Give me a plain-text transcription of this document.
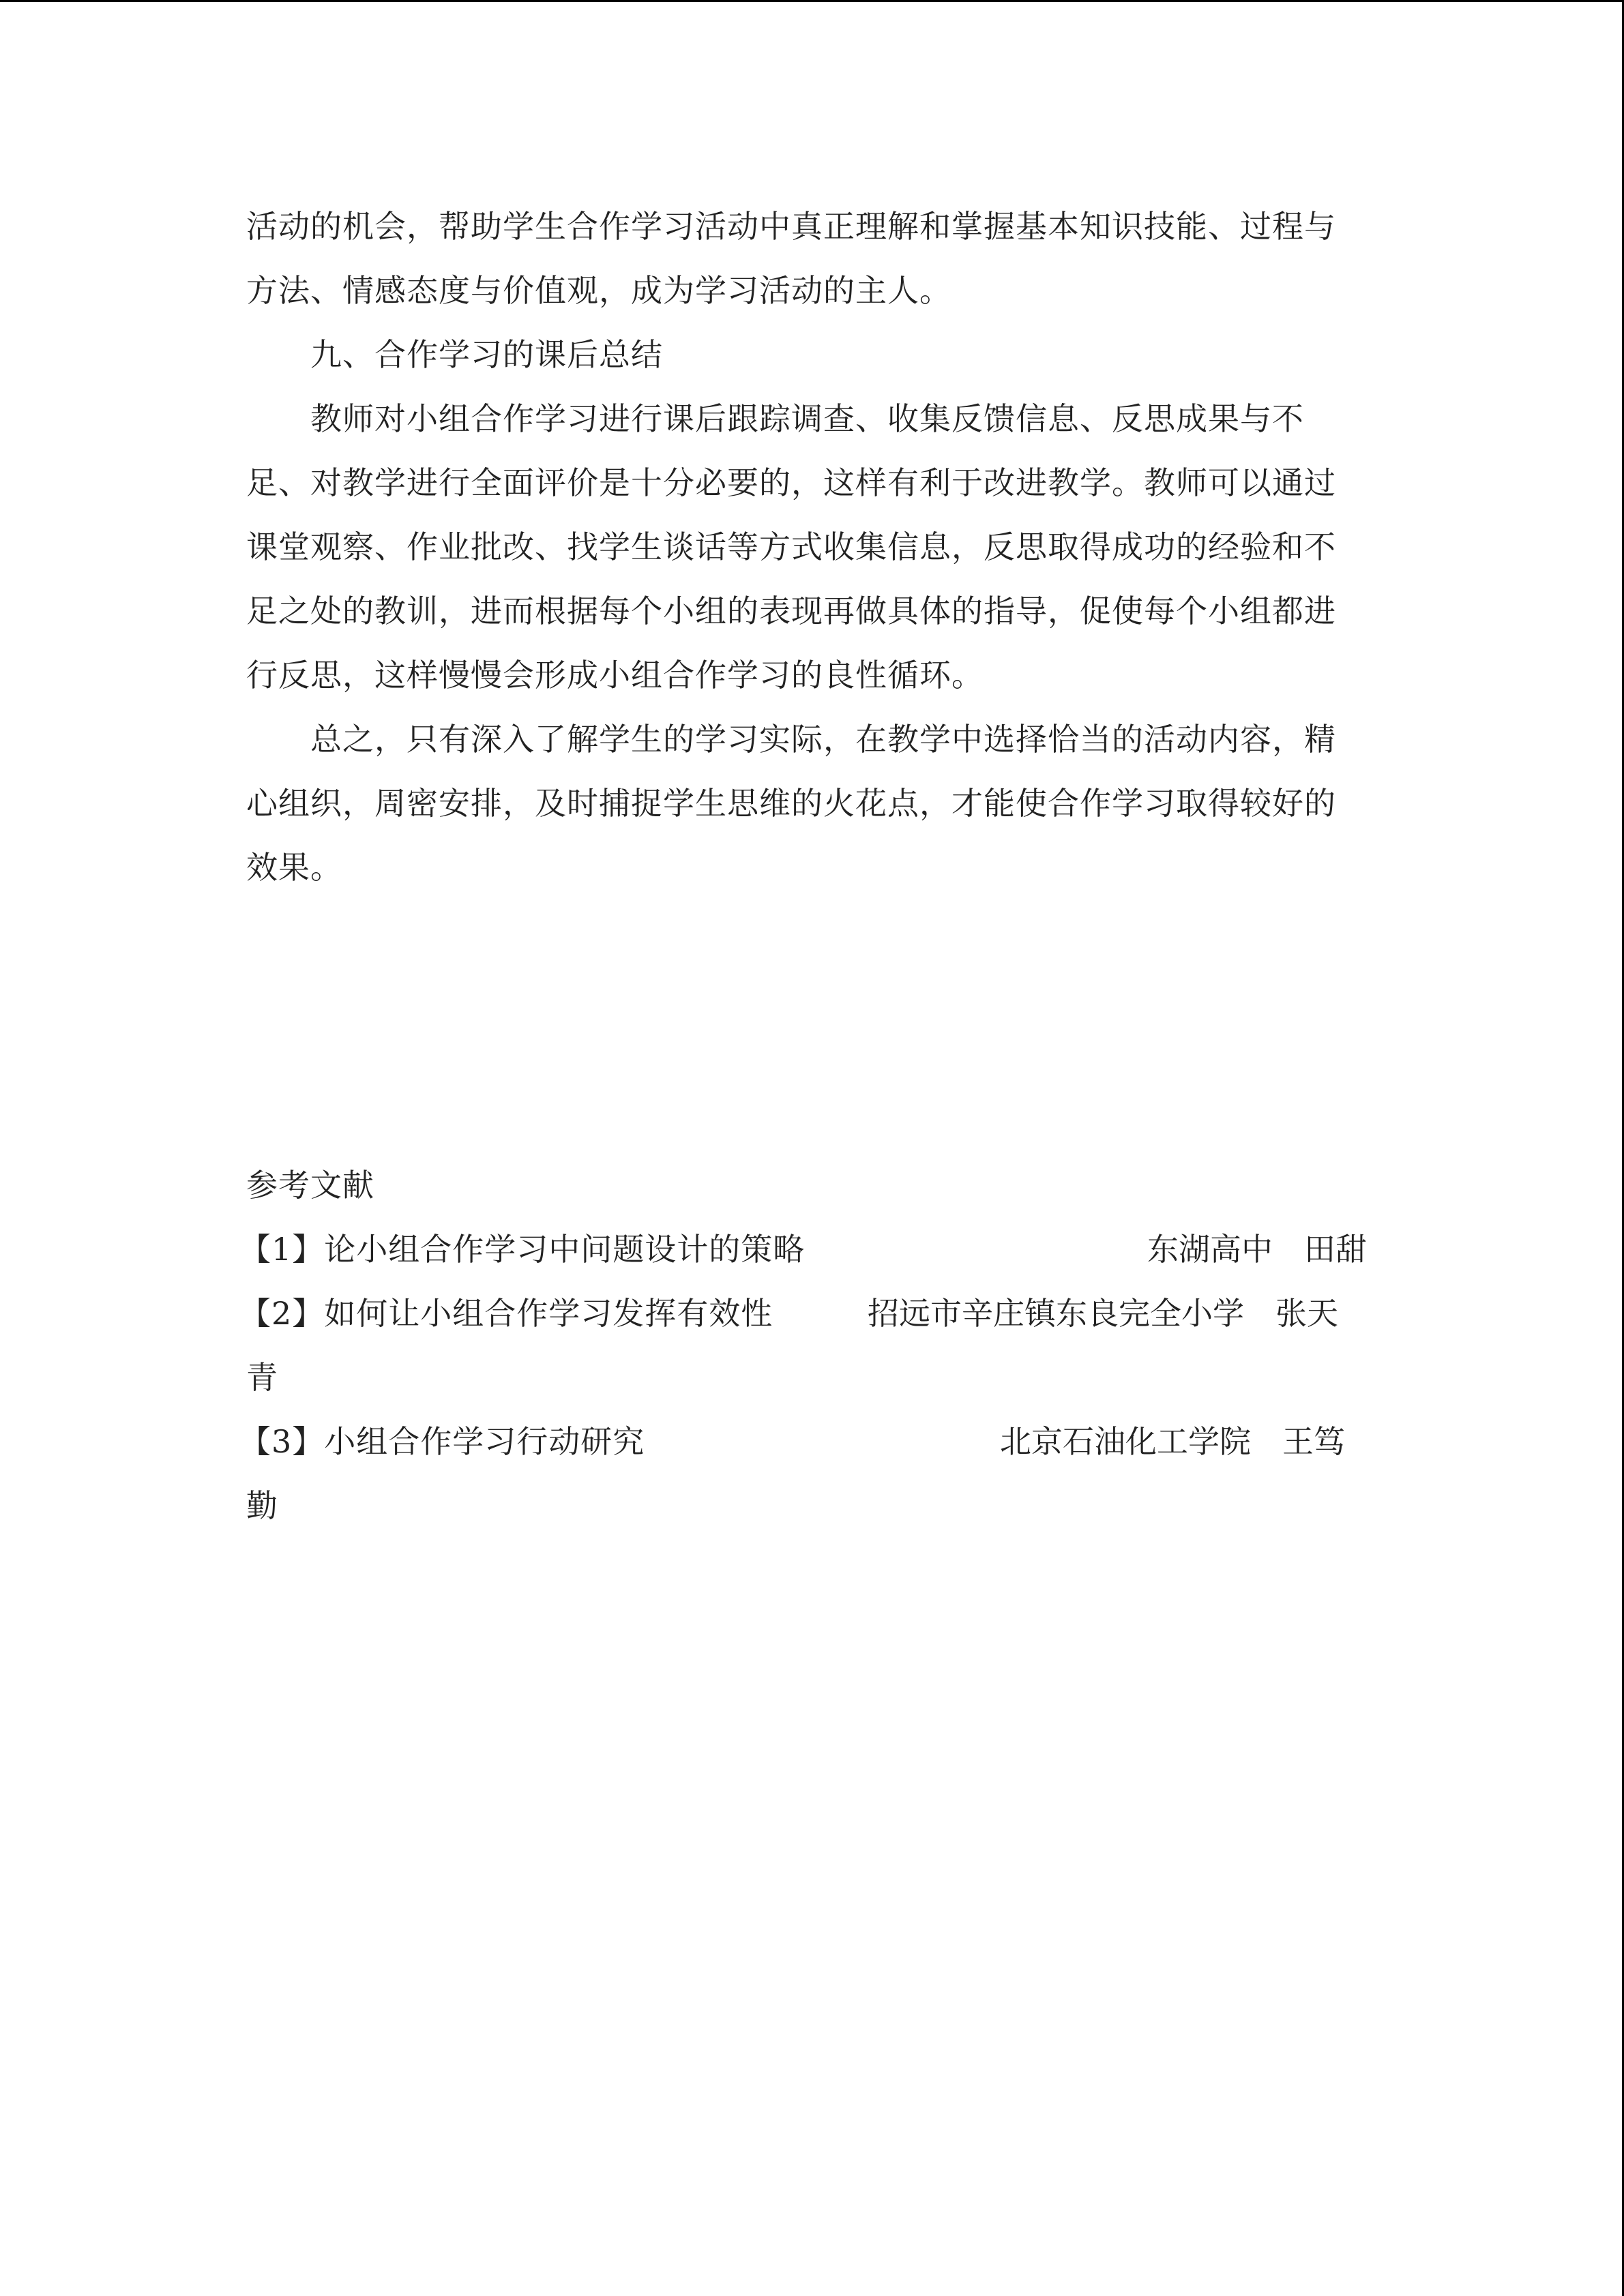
活动的机会，帮助学生合作学习活动中真正理解和掌握基本知识技能、过程与
方法、情感态度与价值观，成为学习活动的主人。
九、合作学习的课后总结
教师对小组合作学习进行课后跟踪调查、收集反馈信息、反思成果与不
足、对教学进行全面评价是十分必要的，这样有利于改进教学。教师可以通过
课堂观察、作业批改、找学生谈话等方式收集信息，反思取得成功的经验和不
足之处的教训，进而根据每个小组的表现再做具体的指导，促使每个小组都进
行反思，这样慢慢会形成小组合作学习的良性循环。
总之，只有深入了解学生的学习实际，在教学中选择恰当的活动内容，精
心组织，周密安排，及时捕捉学生思维的火花点，才能使合作学习取得较好的
效果。
参考文献
【1】论小组合作学习中问题设计的策略	东湖高中　田甜
【2】如何让小组合作学习发挥有效性	招远市辛庄镇东良完全小学　张天
青
【3】小组合作学习行动研究	北京石油化工学院　王笃
勤
